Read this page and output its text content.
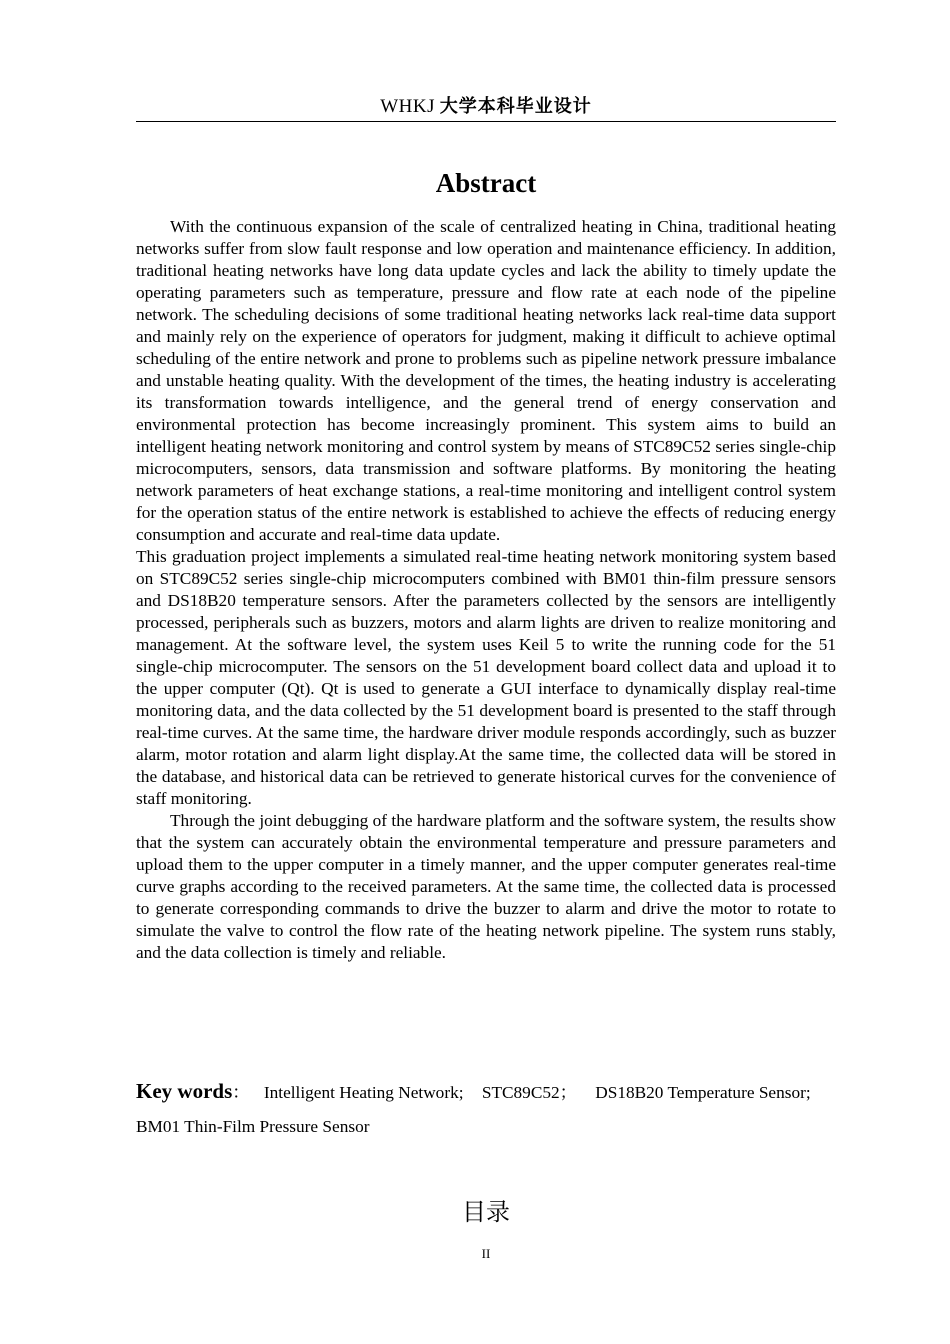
WHKJ 大学本科毕业设计
Abstract

With the continuous expansion of the scale of centralized heating in China, traditional heating networks suffer from slow fault response and low operation and maintenance efficiency. In addition, traditional heating networks have long data update cycles and lack the ability to timely update the operating parameters such as temperature, pressure and flow rate at each node of the pipeline network. The scheduling decisions of some traditional heating networks lack real-time data support and mainly rely on the experience of operators for judgment, making it difficult to achieve optimal scheduling of the entire network and prone to problems such as pipeline network pressure imbalance and unstable heating quality. With the development of the times, the heating industry is accelerating its transformation towards intelligence, and the general trend of energy conservation and environmental protection has become increasingly prominent. This system aims to build an intelligent heating network monitoring and control system by means of STC89C52 series single-chip microcomputers, sensors, data transmission and software platforms. By monitoring the heating network parameters of heat exchange stations, a real-time monitoring and intelligent control system for the operation status of the entire network is established to achieve the effects of reducing energy consumption and accurate and real-time data update.

This graduation project implements a simulated real-time heating network monitoring system based on STC89C52 series single-chip microcomputers combined with BM01 thin-film pressure sensors and DS18B20 temperature sensors. After the parameters collected by the sensors are intelligently processed, peripherals such as buzzers, motors and alarm lights are driven to realize monitoring and management. At the software level, the system uses Keil 5 to write the running code for the 51 single-chip microcomputer. The sensors on the 51 development board collect data and upload it to the upper computer (Qt). Qt is used to generate a GUI interface to dynamically display real-time monitoring data, and the data collected by the 51 development board is presented to the staff through real-time curves. At the same time, the hardware driver module responds accordingly, such as buzzer alarm, motor rotation and alarm light display.At the same time, the collected data will be stored in the database, and historical data can be retrieved to generate historical curves for the convenience of staff monitoring.

Through the joint debugging of the hardware platform and the software system, the results show that the system can accurately obtain the environmental temperature and pressure parameters and upload them to the upper computer in a timely manner, and the upper computer generates real-time curve graphs according to the received parameters. At the same time, the collected data is processed to generate corresponding commands to drive the buzzer to alarm and drive the motor to rotate to simulate the valve to control the flow rate of the heating network pipeline. The system runs stably, and the data collection is timely and reliable.

Key words： Intelligent Heating Network; STC89C52； DS18B20 Temperature Sensor; BM01 Thin-Film Pressure Sensor
目录
II
